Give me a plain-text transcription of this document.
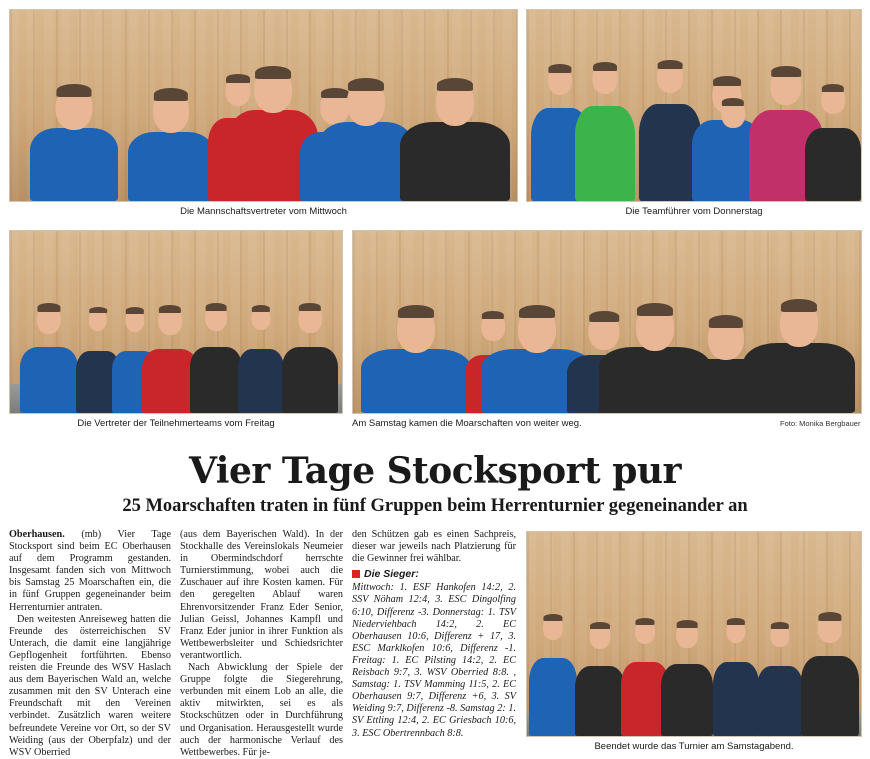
Die Mannschaftsvertreter vom Mittwoch	Die Teamführer vom Donnerstag
Die Vertreter der Teilnehmerteams vom Freitag	Am Samstag kamen die Moarschaften von weiter weg.	Foto: Monika Bergbauer
Vier Tage Stocksport pur
25 Moarschaften traten in fünf Gruppen beim Herrenturnier gegeneinander an

Oberhausen. (mb) Vier Tage Stocksport sind beim EC Oberhausen auf dem Programm gestanden. Insgesamt fanden sich von Mittwoch bis Samstag 25 Moarschaften ein, die in fünf Gruppen gegeneinander beim Herrenturnier antraten.

Den weitesten Anreiseweg hatten die Freunde des österreichischen SV Unterach, die damit eine langjährige Gepflogenheit fortführten. Ebenso reisten die Freunde des WSV Haslach aus dem Bayerischen Wald an, welche zusammen mit den SV Unterach eine Freundschaft mit den Vereinen verbindet. Zusätzlich waren weitere befreundete Vereine vor Ort, so der SV Weiding (aus der Oberpfalz) und der WSV Oberried

(aus dem Bayerischen Wald). In der Stockhalle des Vereinslokals Neumeier in Obermindschdorf herrschte Turnierstimmung, wobei auch die Zuschauer auf ihre Kosten kamen. Für den geregelten Ablauf waren Ehrenvorsitzender Franz Eder Senior, Julian Geissl, Johannes Kampfl und Franz Eder junior in ihrer Funktion als Wettbewerbsleiter und Schiedsrichter verantwortlich.

Nach Abwicklung der Spiele der Gruppe folgte die Siegerehrung, verbunden mit einem Lob an alle, die aktiv mitwirkten, sei es als Stockschützen oder in Durchführung und Organisation. Herausgestellt wurde auch der harmonische Verlauf des Wettbewerbes. Für je-

den Schützen gab es einen Sachpreis, dieser war jeweils nach Platzierung für die Gewinner frei wählbar.

Die Sieger:

Mittwoch: 1. ESF Hankofen 14:2, 2. SSV Nöham 12:4, 3. ESC Dingolfing 6:10, Differenz -3. Donnerstag: 1. TSV Niederviehbach 14:2, 2. EC Oberhausen 10:6, Differenz + 17, 3. ESC Marklkofen 10:6, Differenz -1. Freitag: 1. EC Pilsting 14:2, 2. EC Reisbach 9:7, 3. WSV Oberried 8:8. , Samstag: 1. TSV Mamming 11:5, 2. EC Oberhausen 9:7, Differenz +6, 3. SV Weiding 9:7, Differenz -8. Samstag 2: 1. SV Ettling 12:4, 2. EC Griesbach 10:6, 3. ESC Obertrennbach 8:8.

Beendet wurde das Turnier am Samstagabend.
